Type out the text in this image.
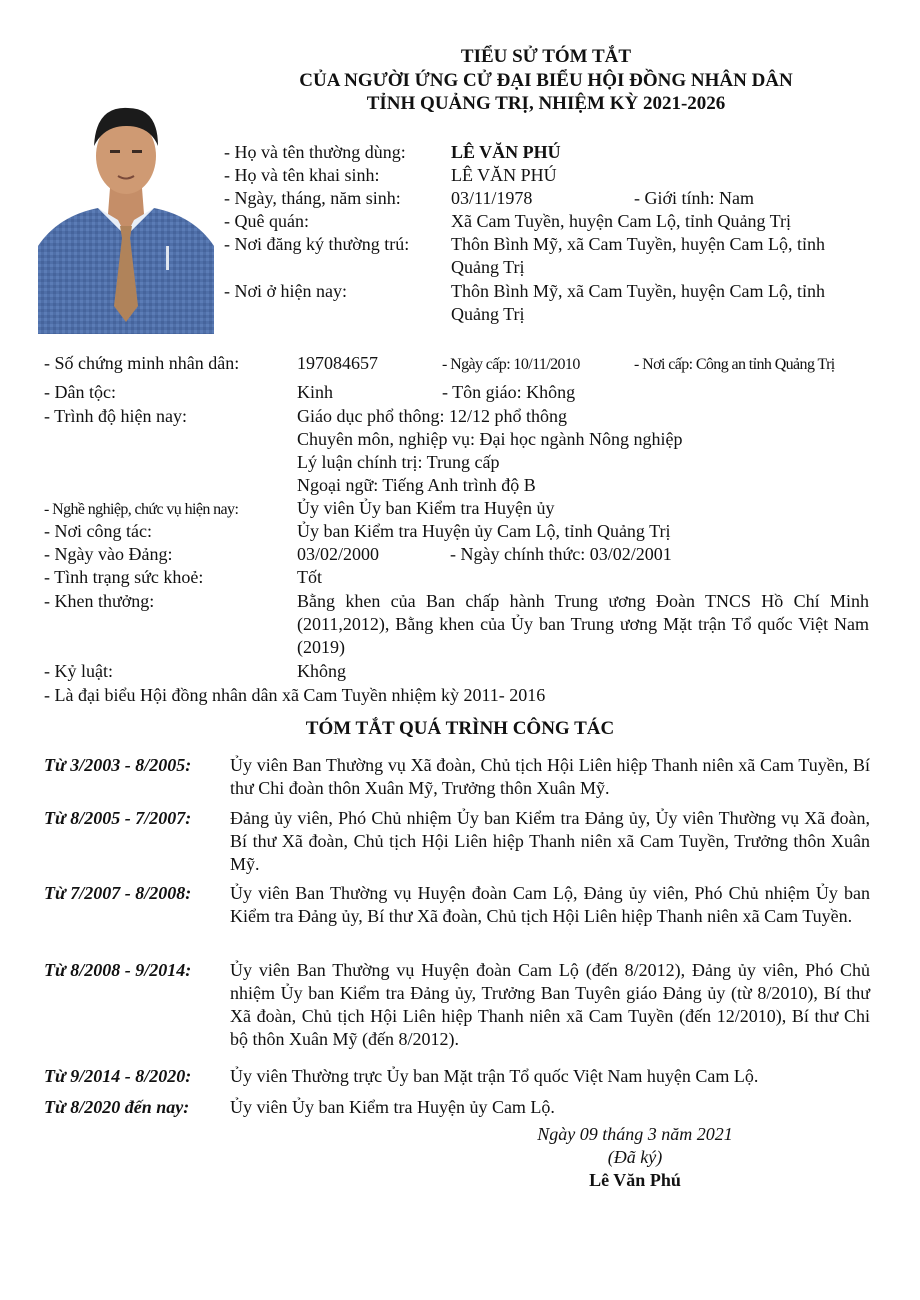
TIỂU SỬ TÓM TẮT
CỦA NGƯỜI ỨNG CỬ ĐẠI BIỂU HỘI ĐỒNG NHÂN DÂN
TỈNH QUẢNG TRỊ, NHIỆM KỲ 2021-2026
- Họ và tên thường dùng:	LÊ VĂN PHÚ
- Họ và tên khai sinh:	LÊ VĂN PHÚ
- Ngày, tháng, năm sinh:	03/11/1978	- Giới tính: Nam
- Quê quán:	Xã Cam Tuyền, huyện Cam Lộ, tỉnh Quảng Trị
- Nơi đăng ký thường trú: Thôn Bình Mỹ, xã Cam Tuyền, huyện Cam Lộ, tỉnh Quảng Trị
- Nơi ở hiện nay:	Thôn Bình Mỹ, xã Cam Tuyền, huyện Cam Lộ, tỉnh Quảng Trị
- Số chứng minh nhân dân:	197084657	- Ngày cấp: 10/11/2010	- Nơi cấp: Công an tỉnh Quảng Trị
- Dân tộc:	Kinh	- Tôn giáo: Không
- Trình độ hiện nay:	Giáo dục phổ thông: 12/12 phổ thông
Chuyên môn, nghiệp vụ: Đại học ngành Nông nghiệp
Lý luận chính trị: Trung cấp
Ngoại ngữ: Tiếng Anh trình độ B
- Nghề nghiệp, chức vụ hiện nay:	Ủy viên Ủy ban Kiểm tra Huyện ủy
- Nơi công tác:	Ủy ban Kiểm tra Huyện ủy Cam Lộ, tỉnh Quảng Trị
- Ngày vào Đảng:	03/02/2000	- Ngày chính thức: 03/02/2001
- Tình trạng sức khoẻ:	Tốt
- Khen thưởng:	Bằng khen của Ban chấp hành Trung ương Đoàn TNCS Hồ Chí Minh (2011,2012), Bằng khen của Ủy ban Trung ương Mặt trận Tổ quốc Việt Nam (2019)
- Kỷ luật:	Không
- Là đại biểu Hội đồng nhân dân xã Cam Tuyền nhiệm kỳ 2011- 2016
TÓM TẮT QUÁ TRÌNH CÔNG TÁC
Từ 3/2003 - 8/2005: Ủy viên Ban Thường vụ Xã đoàn, Chủ tịch Hội Liên hiệp Thanh niên xã Cam Tuyền, Bí thư Chi đoàn thôn Xuân Mỹ, Trưởng thôn Xuân Mỹ.
Từ 8/2005 - 7/2007: Đảng ủy viên, Phó Chủ nhiệm Ủy ban Kiểm tra Đảng ủy, Ủy viên Thường vụ Xã đoàn, Bí thư Xã đoàn, Chủ tịch Hội Liên hiệp Thanh niên xã Cam Tuyền, Trưởng thôn Xuân Mỹ.
Từ 7/2007 - 8/2008: Ủy viên Ban Thường vụ Huyện đoàn Cam Lộ, Đảng ủy viên, Phó Chủ nhiệm Ủy ban Kiểm tra Đảng ủy, Bí thư Xã đoàn, Chủ tịch Hội Liên hiệp Thanh niên xã Cam Tuyền.
Từ 8/2008 - 9/2014: Ủy viên Ban Thường vụ Huyện đoàn Cam Lộ (đến 8/2012), Đảng ủy viên, Phó Chủ nhiệm Ủy ban Kiểm tra Đảng ủy, Trưởng Ban Tuyên giáo Đảng ủy (từ 8/2010), Bí thư Xã đoàn, Chủ tịch Hội Liên hiệp Thanh niên xã Cam Tuyền (đến 12/2010), Bí thư Chi bộ thôn Xuân Mỹ (đến 8/2012).
Từ 9/2014 - 8/2020: Ủy viên Thường trực Ủy ban Mặt trận Tổ quốc Việt Nam huyện Cam Lộ.
Từ 8/2020 đến nay: Ủy viên Ủy ban Kiểm tra Huyện ủy Cam Lộ.
Ngày 09 tháng 3 năm 2021
(Đã ký)
Lê Văn Phú
